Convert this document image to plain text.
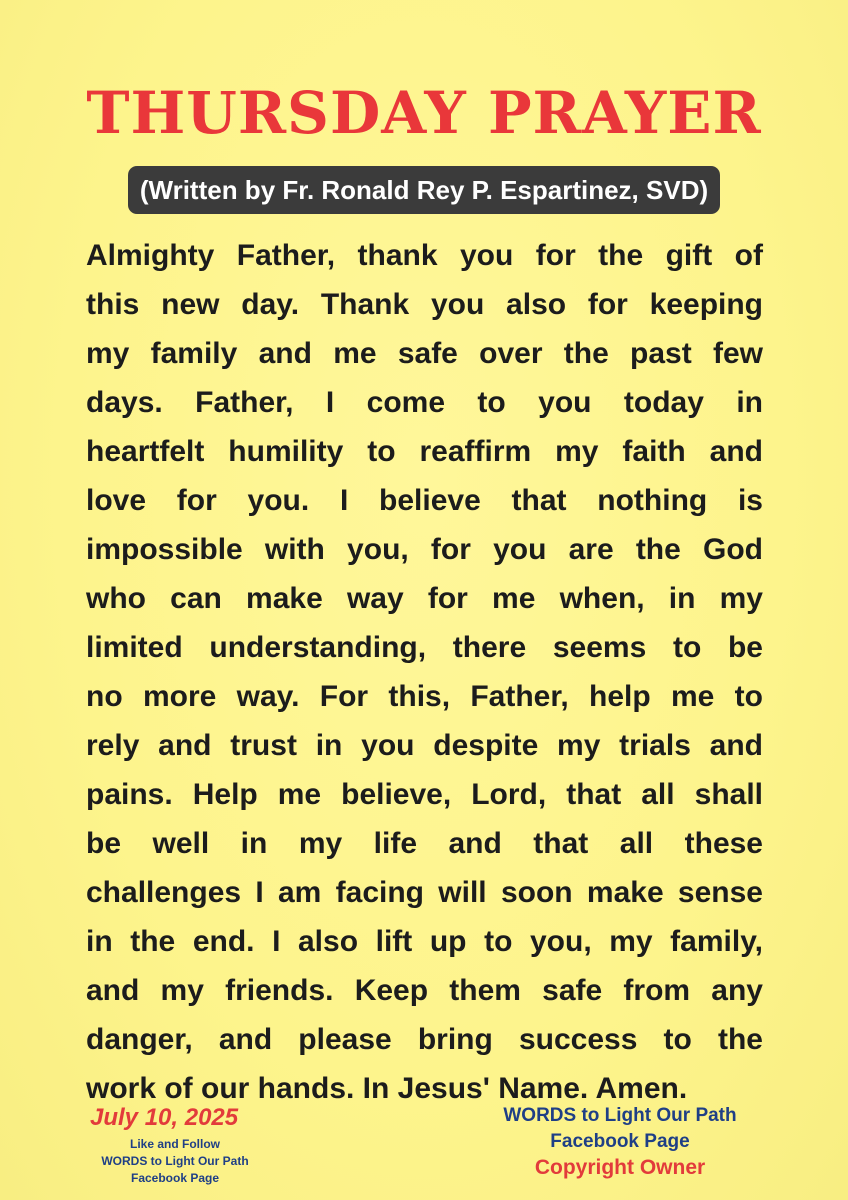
THURSDAY PRAYER
(Written by Fr. Ronald Rey P. Espartinez, SVD)
Almighty Father, thank you for the gift of
this new day. Thank you also for keeping
my family and me safe over the past few
days. Father, I come to you today in
heartfelt humility to reaffirm my faith and
love for you. I believe that nothing is
impossible with you, for you are the God
who can make way for me when, in my
limited understanding, there seems to be
no more way. For this, Father, help me to
rely and trust in you despite my trials and
pains. Help me believe, Lord, that all shall
be well in my life and that all these
challenges I am facing will soon make sense
in the end. I also lift up to you, my family,
and my friends. Keep them safe from any
danger, and please bring success to the
work of our hands. In Jesus' Name. Amen.
July 10, 2025
Like and Follow
WORDS to Light Our Path
Facebook Page
WORDS to Light Our Path
Facebook Page
Copyright Owner
